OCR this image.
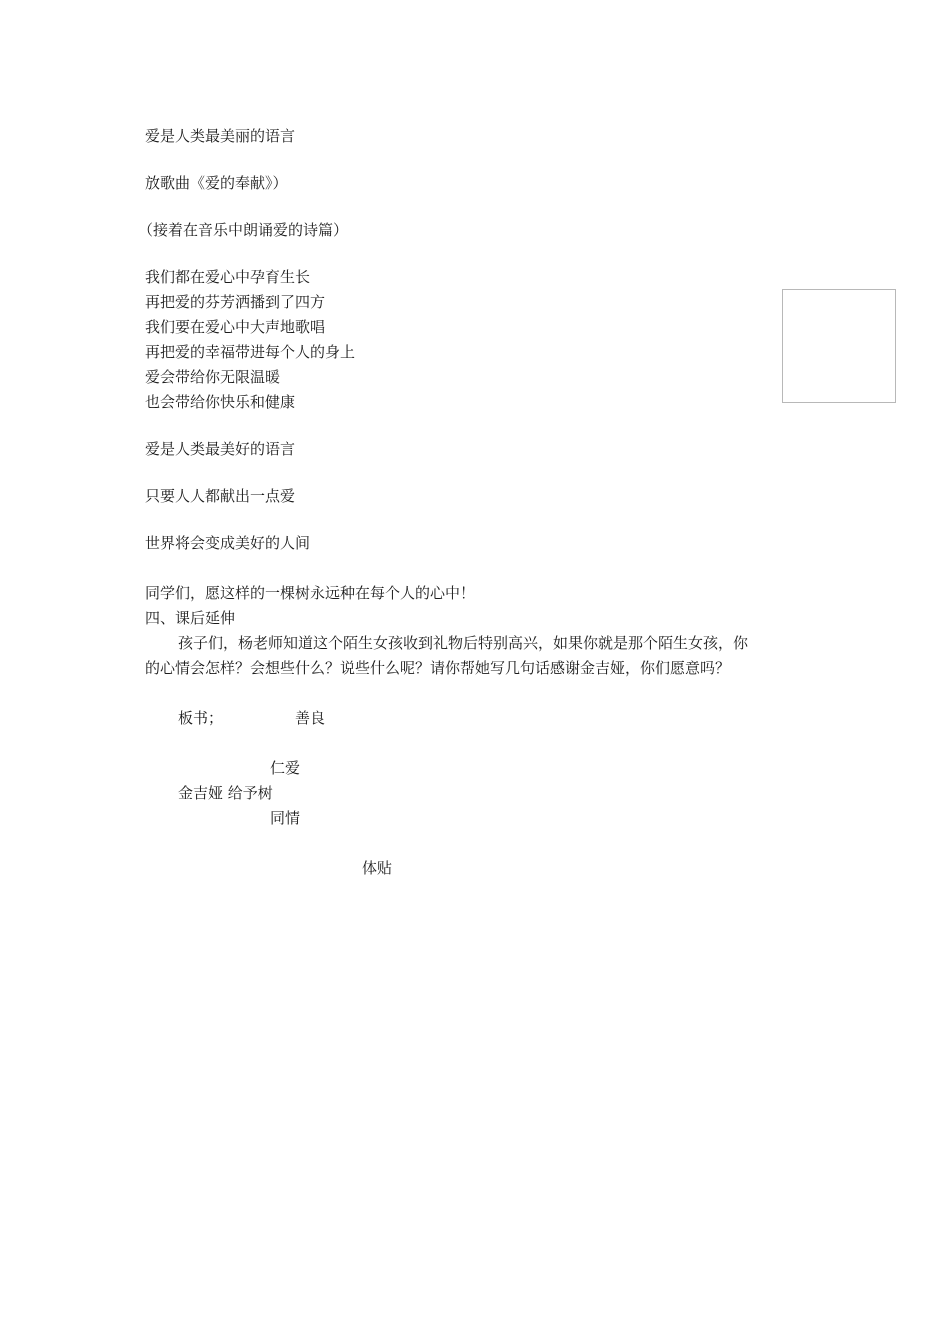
爱是人类最美丽的语言
放歌曲《爱的奉献》）
（接着在音乐中朗诵爱的诗篇）
我们都在爱心中孕育生长
再把爱的芬芳洒播到了四方
我们要在爱心中大声地歌唱
再把爱的幸福带进每个人的身上
爱会带给你无限温暖
也会带给你快乐和健康
爱是人类最美好的语言
只要人人都献出一点爱
世界将会变成美好的人间
同学们，愿这样的一棵树永远种在每个人的心中！
四、课后延伸
孩子们，杨老师知道这个陌生女孩收到礼物后特别高兴，如果你就是那个陌生女孩，你
的心情会怎样？会想些什么？说些什么呢？请你帮她写几句话感谢金吉娅，你们愿意吗？
板书；	善良
仁爱
金吉娅 给予树
同情
体贴
